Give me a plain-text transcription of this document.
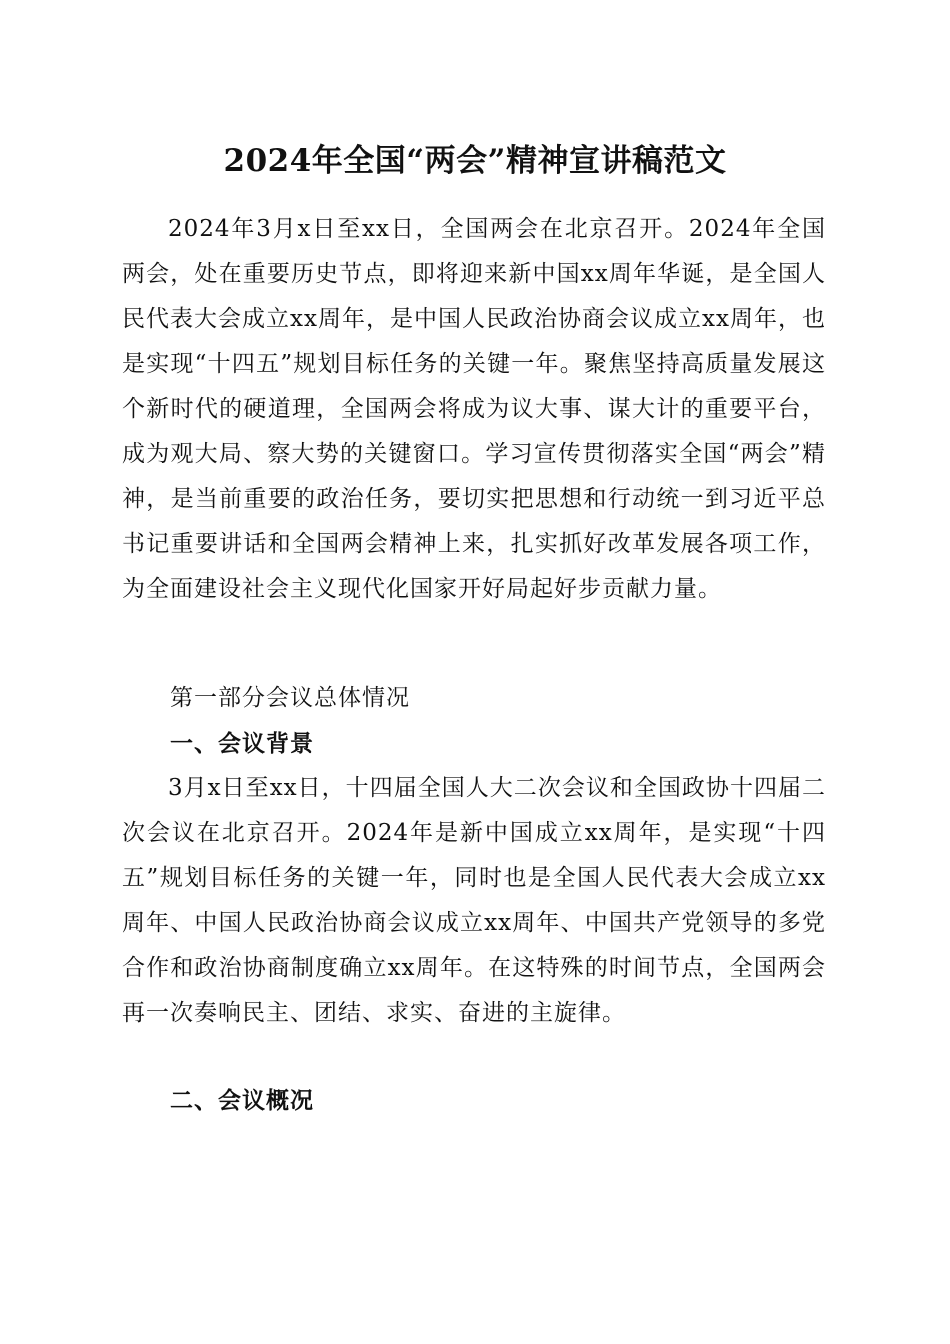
2024年全国“两会”精神宣讲稿范文
2024年3月x日至xx日，全国两会在北京召开。2024年全国两会，处在重要历史节点，即将迎来新中国xx周年华诞，是全国人民代表大会成立xx周年，是中国人民政治协商会议成立xx周年，也是实现“十四五”规划目标任务的关键一年。聚焦坚持高质量发展这个新时代的硬道理，全国两会将成为议大事、谋大计的重要平台，成为观大局、察大势的关键窗口。学习宣传贯彻落实全国“两会”精神，是当前重要的政治任务，要切实把思想和行动统一到习近平总书记重要讲话和全国两会精神上来，扎实抓好改革发展各项工作，为全面建设社会主义现代化国家开好局起好步贡献力量。
第一部分会议总体情况
一、会议背景
3月x日至xx日，十四届全国人大二次会议和全国政协十四届二次会议在北京召开。2024年是新中国成立xx周年，是实现“十四五”规划目标任务的关键一年，同时也是全国人民代表大会成立xx周年、中国人民政治协商会议成立xx周年、中国共产党领导的多党合作和政治协商制度确立xx周年。在这特殊的时间节点，全国两会再一次奏响民主、团结、求实、奋进的主旋律。
二、会议概况
